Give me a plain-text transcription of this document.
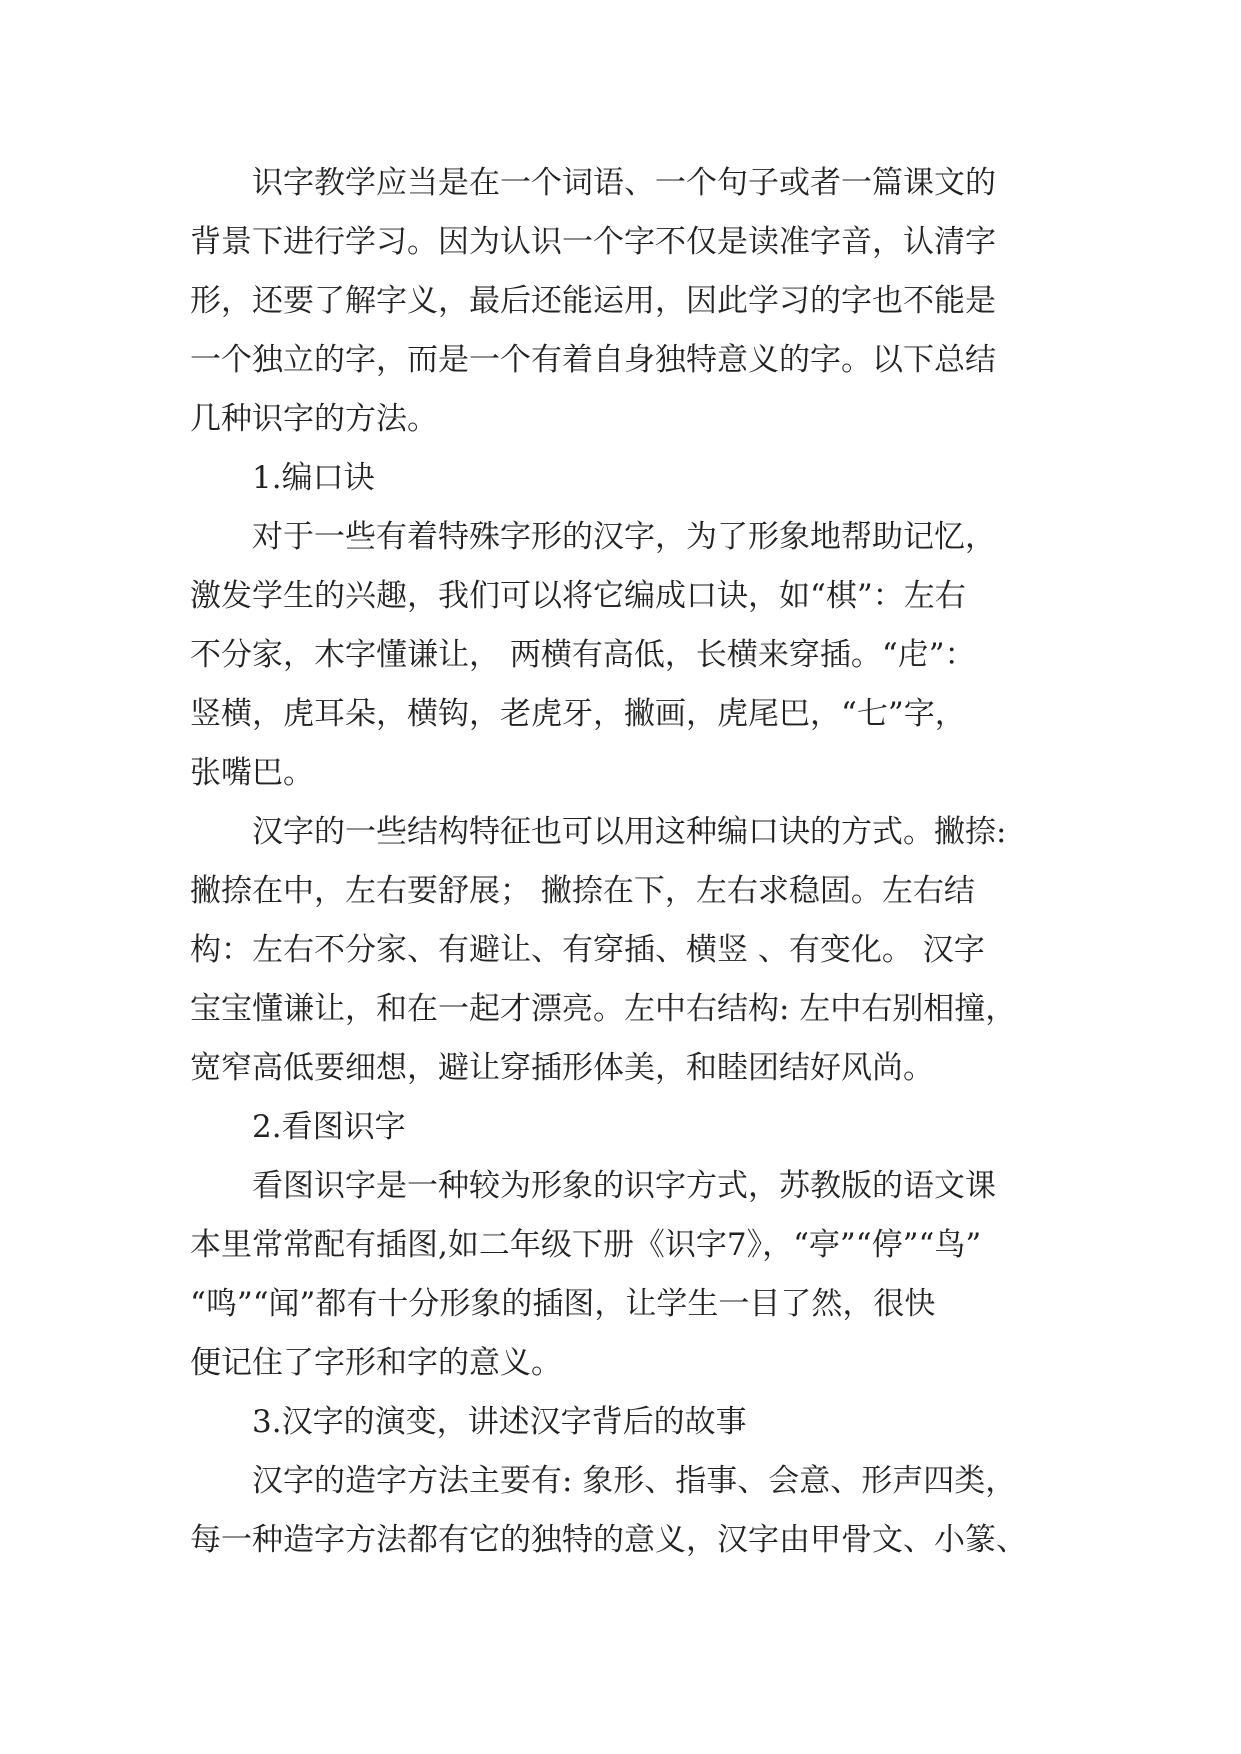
识字教学应当是在一个词语、一个句子或者一篇课文的
背景下进行学习。因为认识一个字不仅是读准字音，认清字
形，还要了解字义，最后还能运用，因此学习的字也不能是
一个独立的字，而是一个有着自身独特意义的字。以下总结
几种识字的方法。
1.编口诀
对于一些有着特殊字形的汉字，为了形象地帮助记忆，
激发学生的兴趣，我们可以将它编成口诀，如“棋”：左右
不分家，木字懂谦让， 两横有高低，长横来穿插。“虍”：
竖横，虎耳朵，横钩，老虎牙，撇画，虎尾巴，“七”字，
张嘴巴。
汉字的一些结构特征也可以用这种编口诀的方式。撇捺:
撇捺在中，左右要舒展； 撇捺在下，左右求稳固。左右结
构：左右不分家、有避让、有穿插、横竖 、有变化。 汉字
宝宝懂谦让，和在一起才漂亮。左中右结构: 左中右别相撞，
宽窄高低要细想，避让穿插形体美，和睦团结好风尚。
2.看图识字
看图识字是一种较为形象的识字方式，苏教版的语文课
本里常常配有插图,如二年级下册《识字7》，“亭”“停”“鸟”
“鸣”“闻”都有十分形象的插图，让学生一目了然，很快
便记住了字形和字的意义。
3.汉字的演变，讲述汉字背后的故事
汉字的造字方法主要有: 象形、指事、会意、形声四类，
每一种造字方法都有它的独特的意义，汉字由甲骨文、小篆、
